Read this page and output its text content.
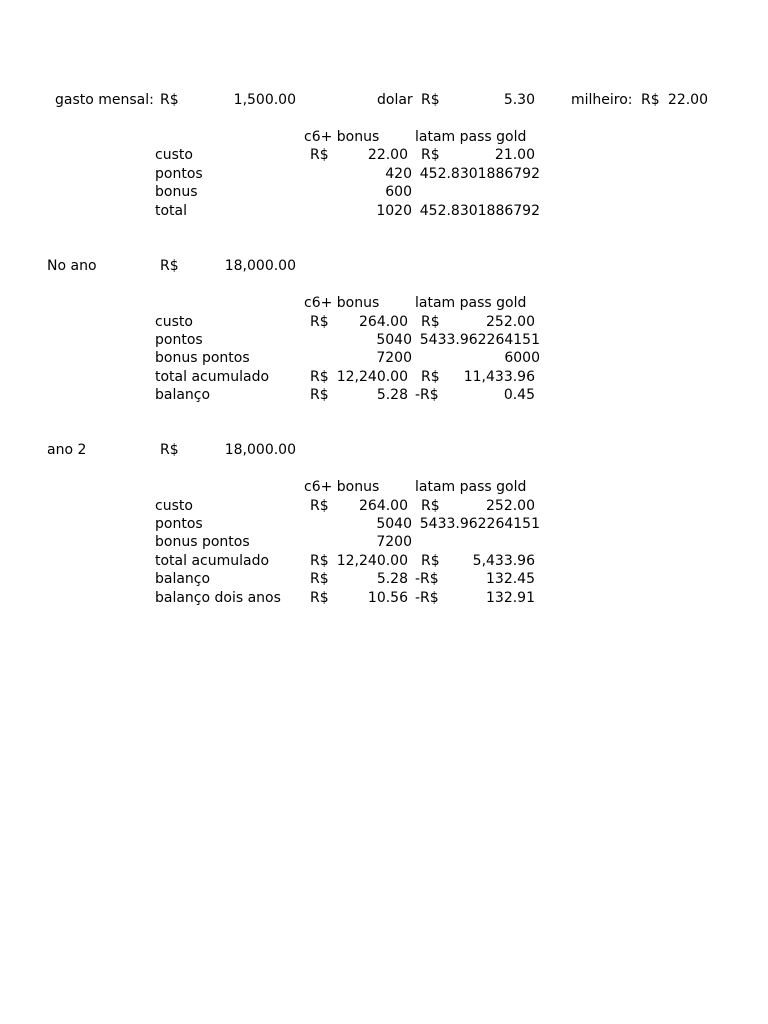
gasto mensal: R$	1,500.00	dolar R$	5.30	milheiro: R$ 22.00
c6+ bonus	latam pass gold
custo	R$	22.00 R$	21.00
pontos	420 452.8301886792
bonus	600
total	1020 452.8301886792
No ano	R$	18,000.00
c6+ bonus	latam pass gold
custo	R$	264.00 R$	252.00
pontos	5040 5433.962264151
bonus pontos	7200	6000
total acumulado	R$ 12,240.00 R$	11,433.96
balanço	R$	5.28 -R$	0.45
ano 2	R$	18,000.00
c6+ bonus	latam pass gold
custo	R$	264.00 R$	252.00
pontos	5040 5433.962264151
bonus pontos	7200
total acumulado	R$ 12,240.00 R$	5,433.96
balanço	R$	5.28 -R$	132.45
balanço dois anos R$	10.56 -R$	132.91
